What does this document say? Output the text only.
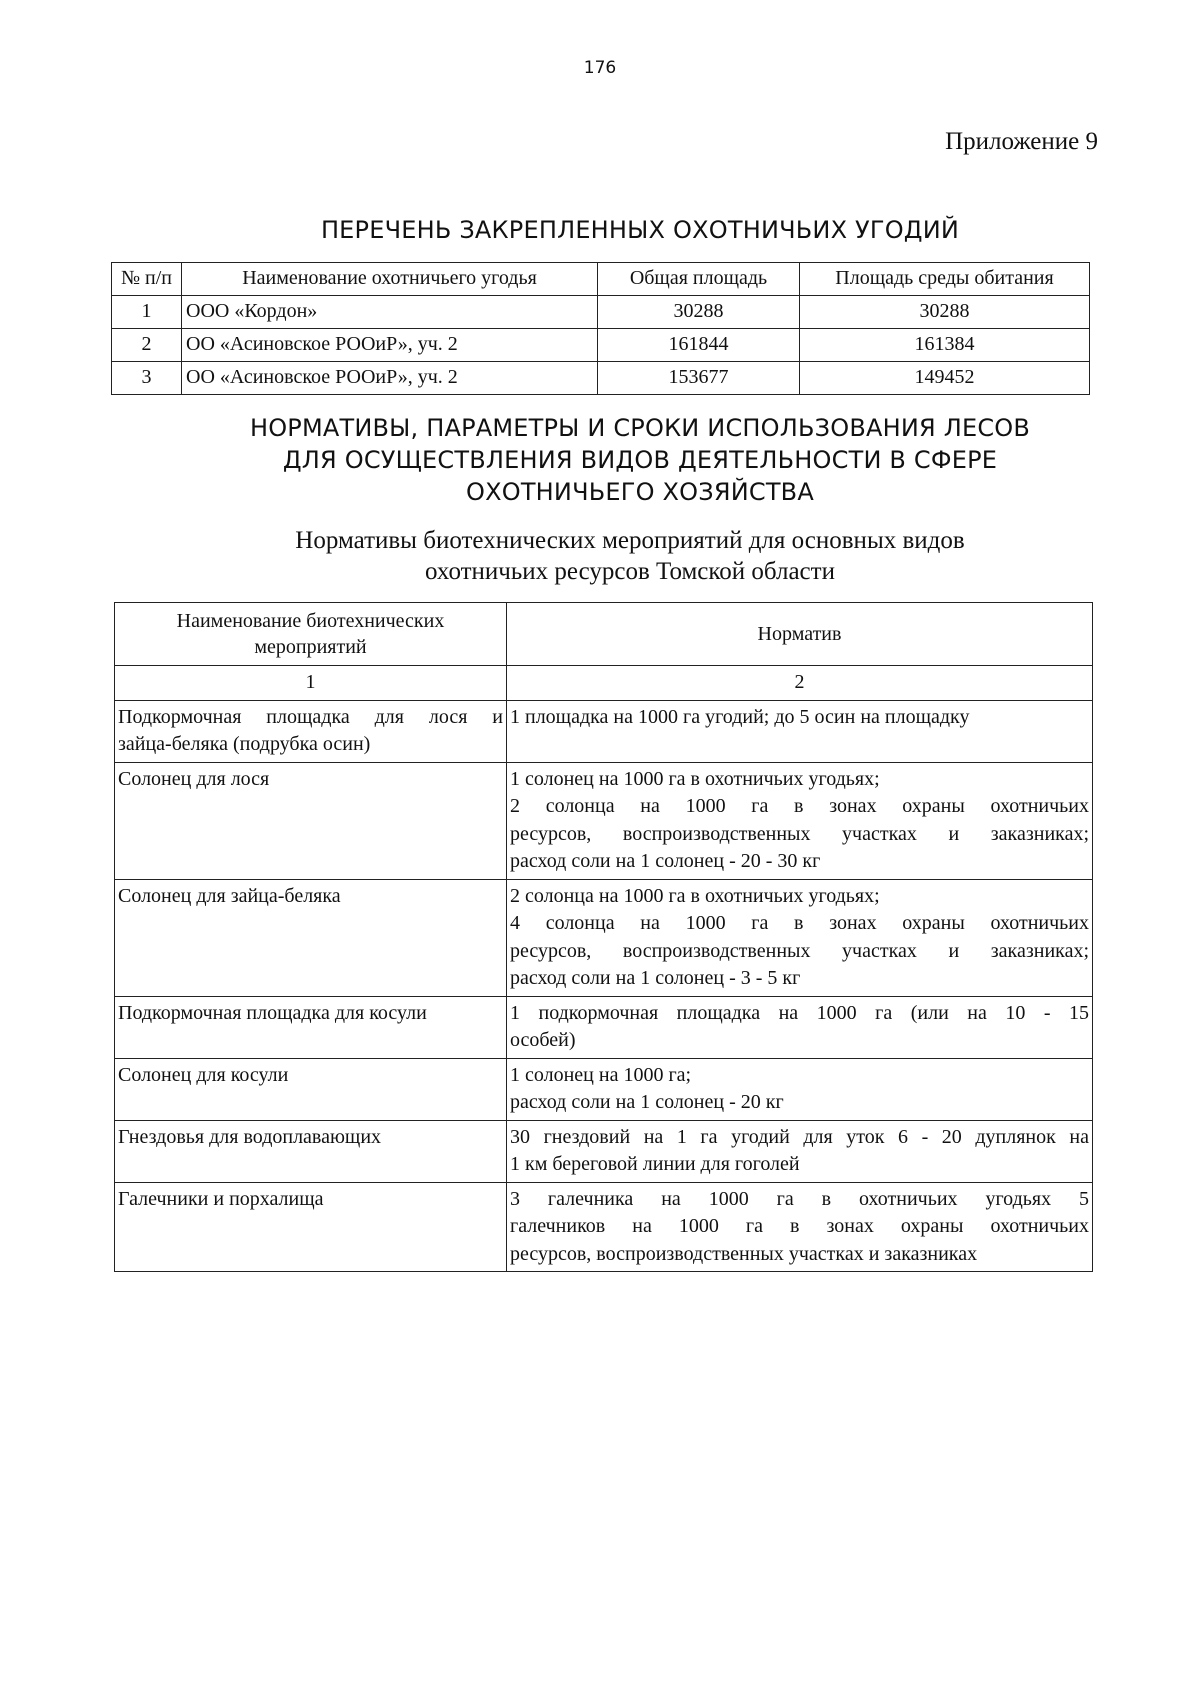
176
Приложение 9
ПЕРЕЧЕНЬ ЗАКРЕПЛЕННЫХ ОХОТНИЧЬИХ УГОДИЙ
№ п/п	Наименование охотничьего угодья	Общая площадь	Площадь среды обитания
1	ООО «Кордон»	30288	30288
2	ОО «Асиновское РООиР», уч. 2	161844	161384
3	ОО «Асиновское РООиР», уч. 2	153677	149452
НОРМАТИВЫ, ПАРАМЕТРЫ И СРОКИ ИСПОЛЬЗОВАНИЯ ЛЕСОВ
ДЛЯ ОСУЩЕСТВЛЕНИЯ ВИДОВ ДЕЯТЕЛЬНОСТИ В СФЕРЕ
ОХОТНИЧЬЕГО ХОЗЯЙСТВА
Нормативы биотехнических мероприятий для основных видов
охотничьих ресурсов Томской области
Наименование биотехнических мероприятий	Норматив
1	2

Подкормочная площадка для лося и
зайца-беляка (подрубка осин)	1 площадка на 1000 га угодий; до 5 осин на площадку

Солонец для лося	1 солонец на 1000 га в охотничьих угодьях;
2 солонца на 1000 га в зонах охраны охотничьих
ресурсов, воспроизводственных участках и заказниках;
расход соли на 1 солонец - 20 - 30 кг

Солонец для зайца-беляка	2 солонца на 1000 га в охотничьих угодьях;
4 солонца на 1000 га в зонах охраны охотничьих
ресурсов, воспроизводственных участках и заказниках;
расход соли на 1 солонец - 3 - 5 кг

Подкормочная площадка для косули	1 подкормочная площадка на 1000 га (или на 10 - 15
особей)

Солонец для косули	1 солонец на 1000 га;
расход соли на 1 солонец - 20 кг

Гнездовья для водоплавающих	30 гнездовий на 1 га угодий для уток 6 - 20 дуплянок на
1 км береговой линии для гоголей

Галечники и порхалища	3 галечника на 1000 га в охотничьих угодьях 5
галечников на 1000 га в зонах охраны охотничьих
ресурсов, воспроизводственных участках и заказниках
